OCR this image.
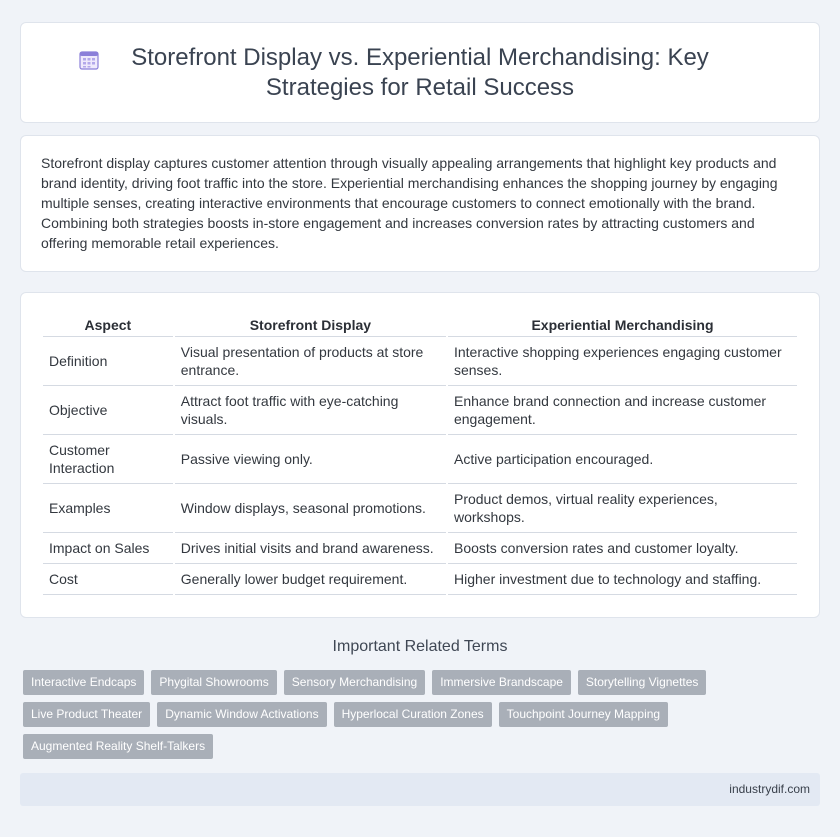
Storefront Display vs. Experiential Merchandising: Key Strategies for Retail Success

Storefront display captures customer attention through visually appealing arrangements that highlight key products and brand identity, driving foot traffic into the store. Experiential merchandising enhances the shopping journey by engaging multiple senses, creating interactive environments that encourage customers to connect emotionally with the brand. Combining both strategies boosts in-store engagement and increases conversion rates by attracting customers and offering memorable retail experiences.

Aspect	Storefront Display	Experiential Merchandising
Definition	Visual presentation of products at store entrance.	Interactive shopping experiences engaging customer senses.
Objective	Attract foot traffic with eye-catching visuals.	Enhance brand connection and increase customer engagement.
Customer Interaction	Passive viewing only.	Active participation encouraged.
Examples	Window displays, seasonal promotions.	Product demos, virtual reality experiences, workshops.
Impact on Sales	Drives initial visits and brand awareness.	Boosts conversion rates and customer loyalty.
Cost	Generally lower budget requirement.	Higher investment due to technology and staffing.
Important Related Terms
Interactive Endcaps	Phygital Showrooms	Sensory Merchandising	Immersive Brandscape	Storytelling Vignettes
Live Product Theater	Dynamic Window Activations	Hyperlocal Curation Zones	Touchpoint Journey Mapping
Augmented Reality Shelf-Talkers
industrydif.com
